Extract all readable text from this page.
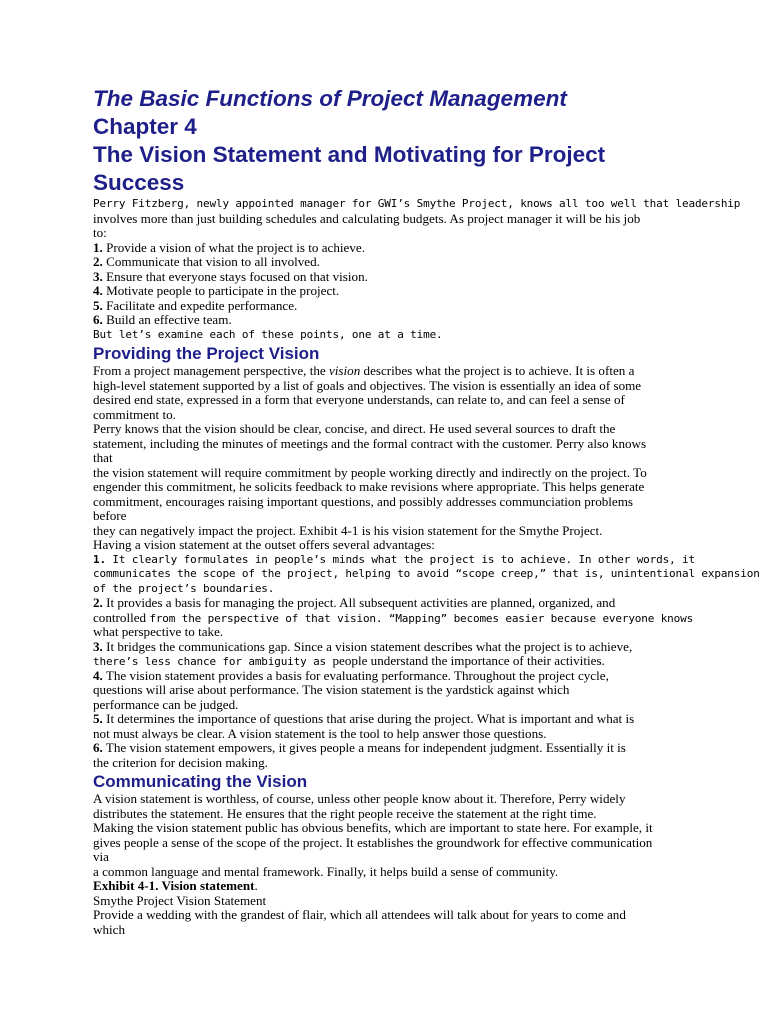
The Basic Functions of Project Management
Chapter 4
The Vision Statement and Motivating for Project
Success
Perry Fitzberg, newly appointed manager for GWI’s Smythe Project, knows all too well that leadership
involves more than just building schedules and calculating budgets. As project manager it will be his job
to:
1. Provide a vision of what the project is to achieve.
2. Communicate that vision to all involved.
3. Ensure that everyone stays focused on that vision.
4. Motivate people to participate in the project.
5. Facilitate and expedite performance.
6. Build an effective team.
But let’s examine each of these points, one at a time.
Providing the Project Vision
From a project management perspective, the vision describes what the project is to achieve. It is often a
high-level statement supported by a list of goals and objectives. The vision is essentially an idea of some
desired end state, expressed in a form that everyone understands, can relate to, and can feel a sense of
commitment to.
Perry knows that the vision should be clear, concise, and direct. He used several sources to draft the
statement, including the minutes of meetings and the formal contract with the customer. Perry also knows
that
the vision statement will require commitment by people working directly and indirectly on the project. To
engender this commitment, he solicits feedback to make revisions where appropriate. This helps generate
commitment, encourages raising important questions, and possibly addresses communciation problems
before
they can negatively impact the project. Exhibit 4-1 is his vision statement for the Smythe Project.
Having a vision statement at the outset offers several advantages:
1. It clearly formulates in people’s minds what the project is to achieve. In other words, it
communicates the scope of the project, helping to avoid “scope creep,” that is, unintentional expansion
of the project’s boundaries.
2. It provides a basis for managing the project. All subsequent activities are planned, organized, and
controlled from the perspective of that vision. “Mapping” becomes easier because everyone knows
what perspective to take.
3. It bridges the communications gap. Since a vision statement describes what the project is to achieve,
there’s less chance for ambiguity as people understand the importance of their activities.
4. The vision statement provides a basis for evaluating performance. Throughout the project cycle,
questions will arise about performance. The vision statement is the yardstick against which
performance can be judged.
5. It determines the importance of questions that arise during the project. What is important and what is
not must always be clear. A vision statement is the tool to help answer those questions.
6. The vision statement empowers, it gives people a means for independent judgment. Essentially it is
the criterion for decision making.
Communicating the Vision
A vision statement is worthless, of course, unless other people know about it. Therefore, Perry widely
distributes the statement. He ensures that the right people receive the statement at the right time.
Making the vision statement public has obvious benefits, which are important to state here. For example, it
gives people a sense of the scope of the project. It establishes the groundwork for effective communication
via
a common language and mental framework. Finally, it helps build a sense of community.
Exhibit 4-1. Vision statement.
Smythe Project Vision Statement
Provide a wedding with the grandest of flair, which all attendees will talk about for years to come and
which
